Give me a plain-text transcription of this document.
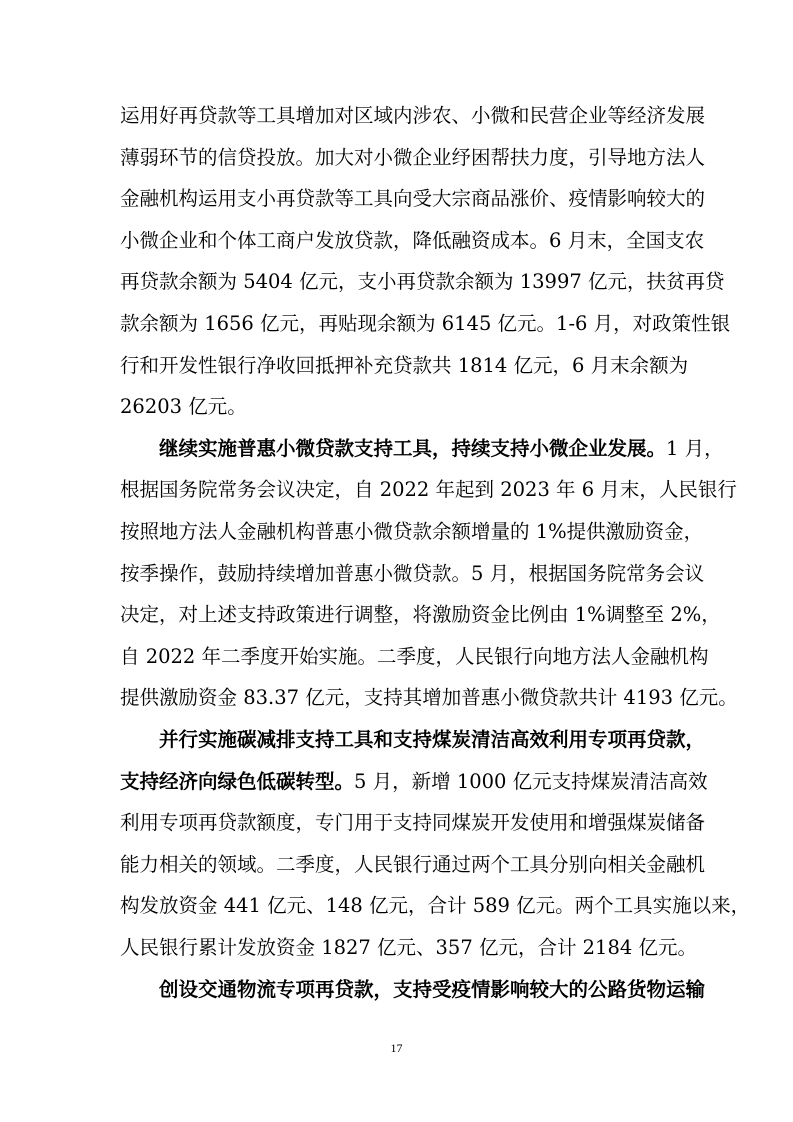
运用好再贷款等工具增加对区域内涉农、小微和民营企业等经济发展
薄弱环节的信贷投放。加大对小微企业纾困帮扶力度，引导地方法人
金融机构运用支小再贷款等工具向受大宗商品涨价、疫情影响较大的
小微企业和个体工商户发放贷款，降低融资成本。6 月末，全国支农
再贷款余额为 5404 亿元，支小再贷款余额为 13997 亿元，扶贫再贷
款余额为 1656 亿元，再贴现余额为 6145 亿元。1-6 月，对政策性银
行和开发性银行净收回抵押补充贷款共 1814 亿元，6 月末余额为
26203 亿元。
继续实施普惠小微贷款支持工具，持续支持小微企业发展。1 月，
根据国务院常务会议决定，自 2022 年起到 2023 年 6 月末，人民银行
按照地方法人金融机构普惠小微贷款余额增量的 1%提供激励资金，
按季操作，鼓励持续增加普惠小微贷款。5 月，根据国务院常务会议
决定，对上述支持政策进行调整，将激励资金比例由 1%调整至 2%，
自 2022 年二季度开始实施。二季度，人民银行向地方法人金融机构
提供激励资金 83.37 亿元，支持其增加普惠小微贷款共计 4193 亿元。
并行实施碳减排支持工具和支持煤炭清洁高效利用专项再贷款，
支持经济向绿色低碳转型。5 月，新增 1000 亿元支持煤炭清洁高效
利用专项再贷款额度，专门用于支持同煤炭开发使用和增强煤炭储备
能力相关的领域。二季度，人民银行通过两个工具分别向相关金融机
构发放资金 441 亿元、148 亿元，合计 589 亿元。两个工具实施以来，
人民银行累计发放资金 1827 亿元、357 亿元，合计 2184 亿元。
创设交通物流专项再贷款，支持受疫情影响较大的公路货物运输
17
